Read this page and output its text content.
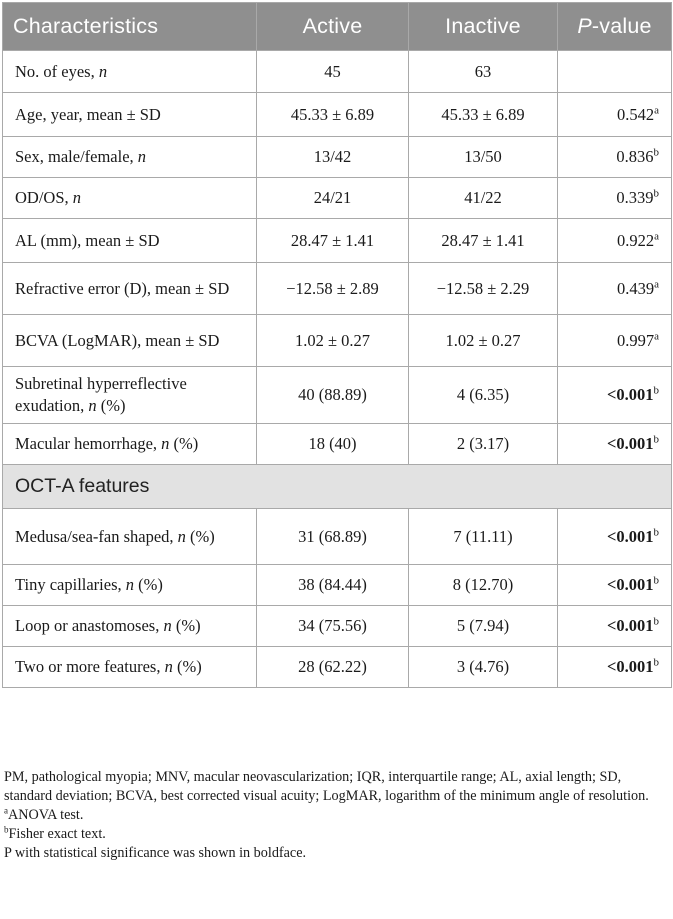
Characteristics	Active	Inactive	P-value
No. of eyes, n	45	63	
Age, year, mean ± SD	45.33 ± 6.89	45.33 ± 6.89	0.542$^a$
Sex, male/female, n	13/42	13/50	0.836$^b$
OD/OS, n	24/21	41/22	0.339$^b$
AL (mm), mean ± SD	28.47 ± 1.41	28.47 ± 1.41	0.922$^a$
Refractive error (D), mean ± SD	−12.58 ± 2.89	−12.58 ± 2.29	0.439$^a$
BCVA (LogMAR), mean ± SD	1.02 ± 0.27	1.02 ± 0.27	0.997$^a$
Subretinal hyperreflective exudation, n (%)	40 (88.89)	4 (6.35)	<0.001$^b$
Macular hemorrhage, n (%)	18 (40)	2 (3.17)	<0.001$^b$
OCT-A features			
Medusa/sea-fan shaped, n (%)	31 (68.89)	7 (11.11)	<0.001$^b$
Tiny capillaries, n (%)	38 (84.44)	8 (12.70)	<0.001$^b$
Loop or anastomoses, n (%)	34 (75.56)	5 (7.94)	<0.001$^b$
Two or more features, n (%)	28 (62.22)	3 (4.76)	<0.001$^b$

PM, pathological myopia; MNV, macular neovascularization; IQR, interquartile range; AL, axial length; SD, standard deviation; BCVA, best corrected visual acuity; LogMAR, logarithm of the minimum angle of resolution.

$^a$ANOVA test.

$^b$Fisher exact text.

P with statistical significance was shown in boldface.
